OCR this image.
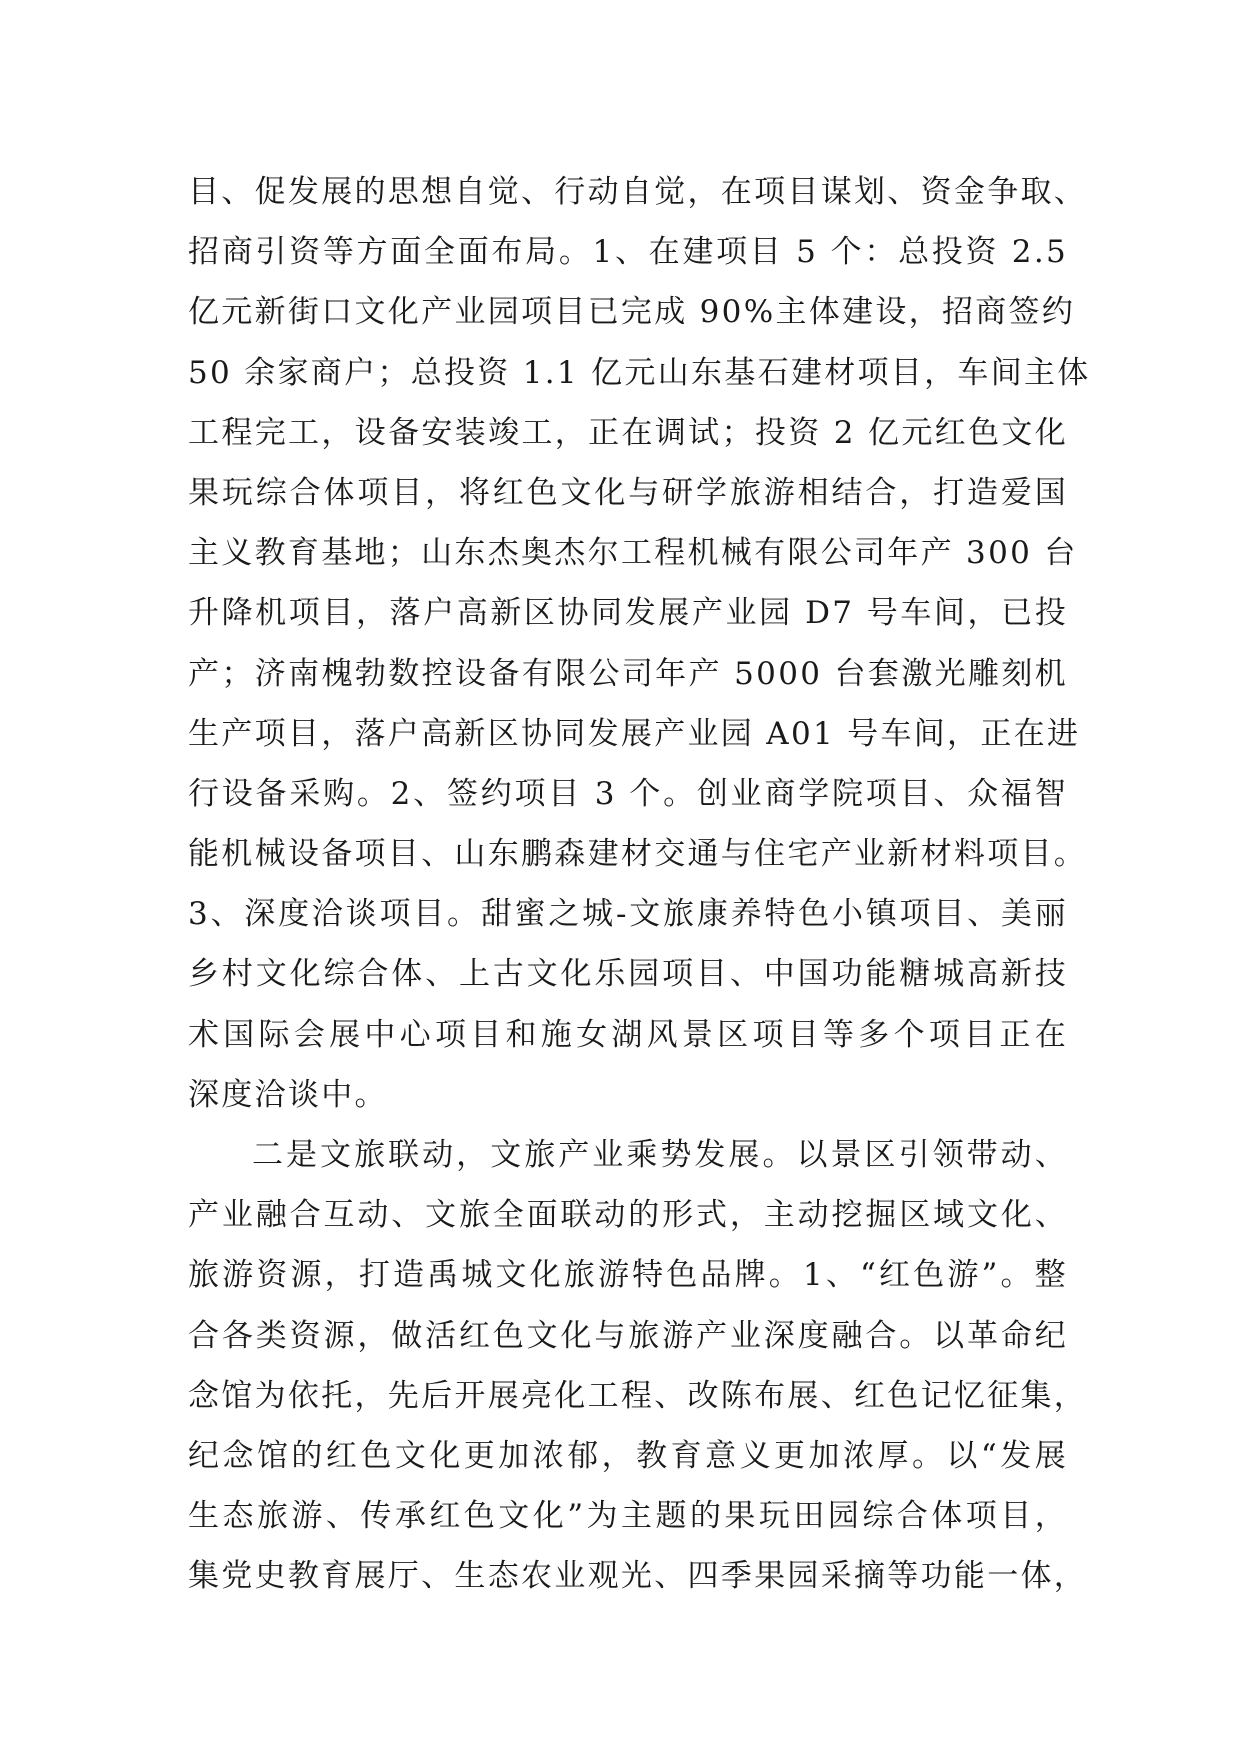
目、促发展的思想自觉、行动自觉，在项目谋划、资金争取、
招商引资等方面全面布局。1、在建项目 5 个：总投资 2.5
亿元新街口文化产业园项目已完成 90%主体建设，招商签约
50 余家商户；总投资 1.1 亿元山东基石建材项目，车间主体
工程完工，设备安装竣工，正在调试；投资 2 亿元红色文化
果玩综合体项目，将红色文化与研学旅游相结合，打造爱国
主义教育基地；山东杰奥杰尔工程机械有限公司年产 300 台
升降机项目，落户高新区协同发展产业园 D7 号车间，已投
产；济南槐勃数控设备有限公司年产 5000 台套激光雕刻机
生产项目，落户高新区协同发展产业园 A01 号车间，正在进
行设备采购。2、签约项目 3 个。创业商学院项目、众福智
能机械设备项目、山东鹏森建材交通与住宅产业新材料项目。
3、深度洽谈项目。甜蜜之城-文旅康养特色小镇项目、美丽
乡村文化综合体、上古文化乐园项目、中国功能糖城高新技
术国际会展中心项目和施女湖风景区项目等多个项目正在
深度洽谈中。
二是文旅联动，文旅产业乘势发展。以景区引领带动、
产业融合互动、文旅全面联动的形式，主动挖掘区域文化、
旅游资源，打造禹城文化旅游特色品牌。1、“红色游”。整
合各类资源，做活红色文化与旅游产业深度融合。以革命纪
念馆为依托，先后开展亮化工程、改陈布展、红色记忆征集，
纪念馆的红色文化更加浓郁，教育意义更加浓厚。以“发展
生态旅游、传承红色文化”为主题的果玩田园综合体项目，
集党史教育展厅、生态农业观光、四季果园采摘等功能一体，
